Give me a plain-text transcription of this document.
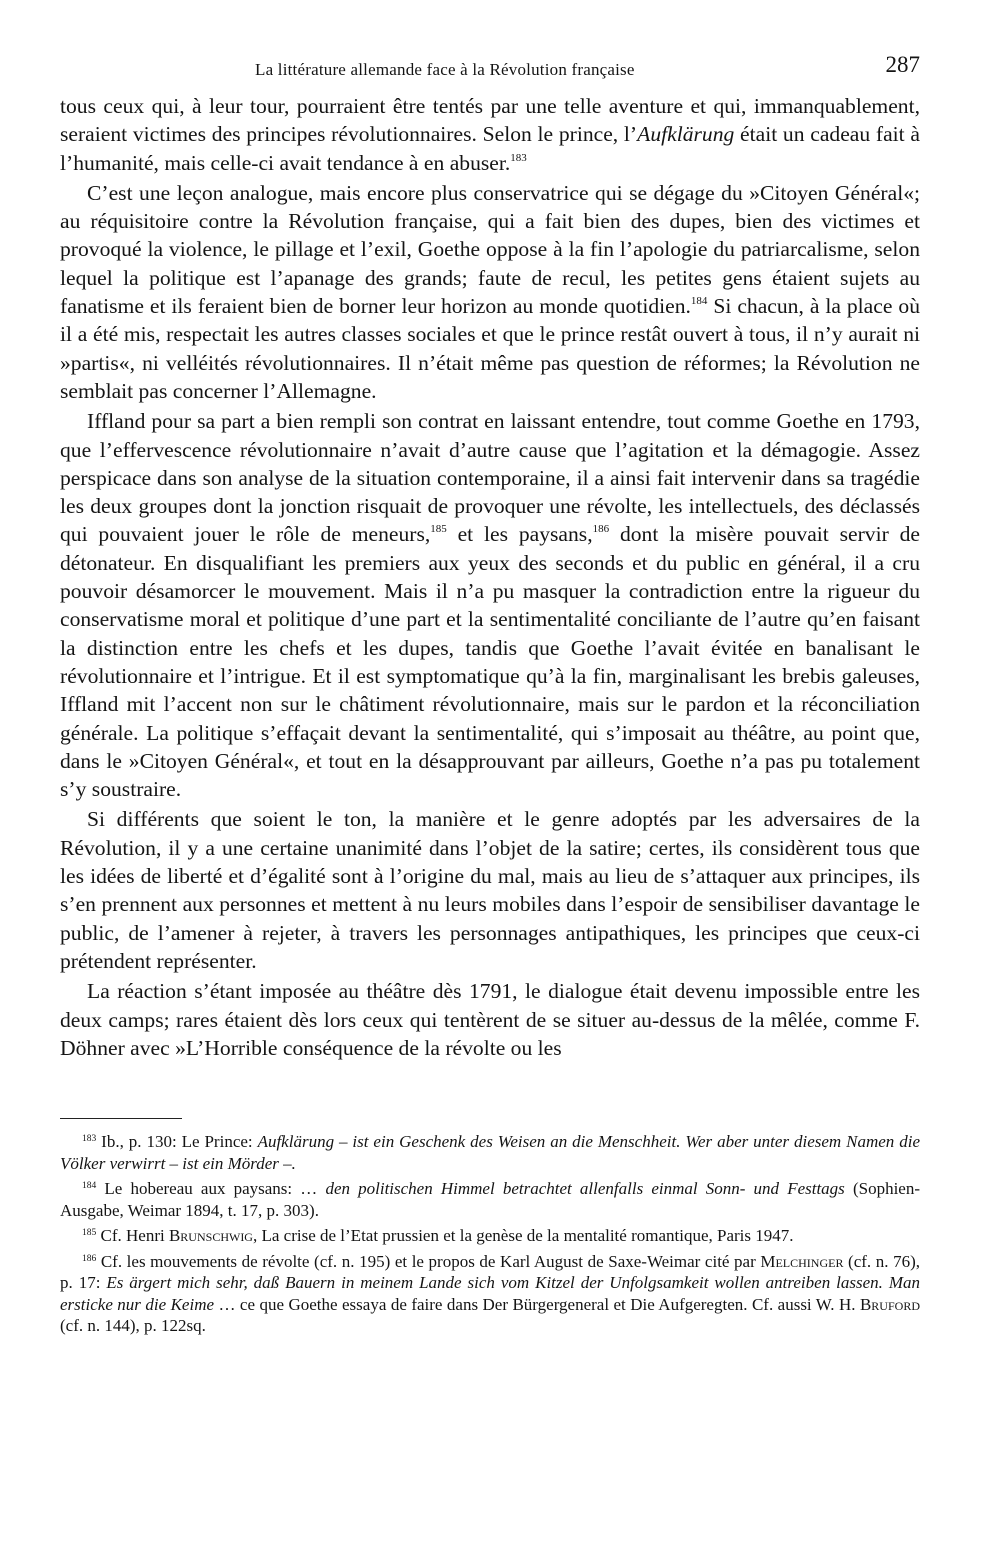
La littérature allemande face à la Révolution française	287

tous ceux qui, à leur tour, pourraient être tentés par une telle aventure et qui, immanquablement, seraient victimes des principes révolutionnaires. Selon le prince, l’Aufklärung était un cadeau fait à l’humanité, mais celle-ci avait tendance à en abuser.$^{183}$

C’est une leçon analogue, mais encore plus conservatrice qui se dégage du »Citoyen Général«; au réquisitoire contre la Révolution française, qui a fait bien des dupes, bien des victimes et provoqué la violence, le pillage et l’exil, Goethe oppose à la fin l’apologie du patriarcalisme, selon lequel la politique est l’apanage des grands; faute de recul, les petites gens étaient sujets au fanatisme et ils feraient bien de borner leur horizon au monde quotidien.$^{184}$ Si chacun, à la place où il a été mis, respectait les autres classes sociales et que le prince restât ouvert à tous, il n’y aurait ni »partis«, ni velléités révolutionnaires. Il n’était même pas question de réformes; la Révolution ne semblait pas concerner l’Allemagne.

Iffland pour sa part a bien rempli son contrat en laissant entendre, tout comme Goethe en 1793, que l’effervescence révolutionnaire n’avait d’autre cause que l’agitation et la démagogie. Assez perspicace dans son analyse de la situation contemporaine, il a ainsi fait intervenir dans sa tragédie les deux groupes dont la jonction risquait de provoquer une révolte, les intellectuels, des déclassés qui pouvaient jouer le rôle de meneurs,$^{185}$ et les paysans,$^{186}$ dont la misère pouvait servir de détonateur. En disqualifiant les premiers aux yeux des seconds et du public en général, il a cru pouvoir désamorcer le mouvement. Mais il n’a pu masquer la contradiction entre la rigueur du conservatisme moral et politique d’une part et la sentimentalité conciliante de l’autre qu’en faisant la distinction entre les chefs et les dupes, tandis que Goethe l’avait évitée en banalisant le révolutionnaire et l’intrigue. Et il est symptomatique qu’à la fin, marginalisant les brebis galeuses, Iffland mit l’accent non sur le châtiment révolutionnaire, mais sur le pardon et la réconciliation générale. La politique s’effaçait devant la sentimentalité, qui s’imposait au théâtre, au point que, dans le »Citoyen Général«, et tout en la désapprouvant par ailleurs, Goethe n’a pas pu totalement s’y soustraire.

Si différents que soient le ton, la manière et le genre adoptés par les adversaires de la Révolution, il y a une certaine unanimité dans l’objet de la satire; certes, ils considèrent tous que les idées de liberté et d’égalité sont à l’origine du mal, mais au lieu de s’attaquer aux principes, ils s’en prennent aux personnes et mettent à nu leurs mobiles dans l’espoir de sensibiliser davantage le public, de l’amener à rejeter, à travers les personnages antipathiques, les principes que ceux-ci prétendent représenter.

La réaction s’étant imposée au théâtre dès 1791, le dialogue était devenu impossible entre les deux camps; rares étaient dès lors ceux qui tentèrent de se situer au-dessus de la mêlée, comme F. Döhner avec »L’Horrible conséquence de la révolte ou les

$^{183}$ Ib., p. 130: Le Prince: Aufklärung – ist ein Geschenk des Weisen an die Menschheit. Wer aber unter diesem Namen die Völker verwirrt – ist ein Mörder –.

$^{184}$ Le hobereau aux paysans: … den politischen Himmel betrachtet allenfalls einmal Sonn- und Festtags (Sophien-Ausgabe, Weimar 1894, t. 17, p. 303).

$^{185}$ Cf. Henri Brunschwig, La crise de l’Etat prussien et la genèse de la mentalité romantique, Paris 1947.

$^{186}$ Cf. les mouvements de révolte (cf. n. 195) et le propos de Karl August de Saxe-Weimar cité par Melchinger (cf. n. 76), p. 17: Es ärgert mich sehr, daß Bauern in meinem Lande sich vom Kitzel der Unfolgsamkeit wollen antreiben lassen. Man ersticke nur die Keime … ce que Goethe essaya de faire dans Der Bürgergeneral et Die Aufgeregten. Cf. aussi W. H. Bruford (cf. n. 144), p. 122sq.
